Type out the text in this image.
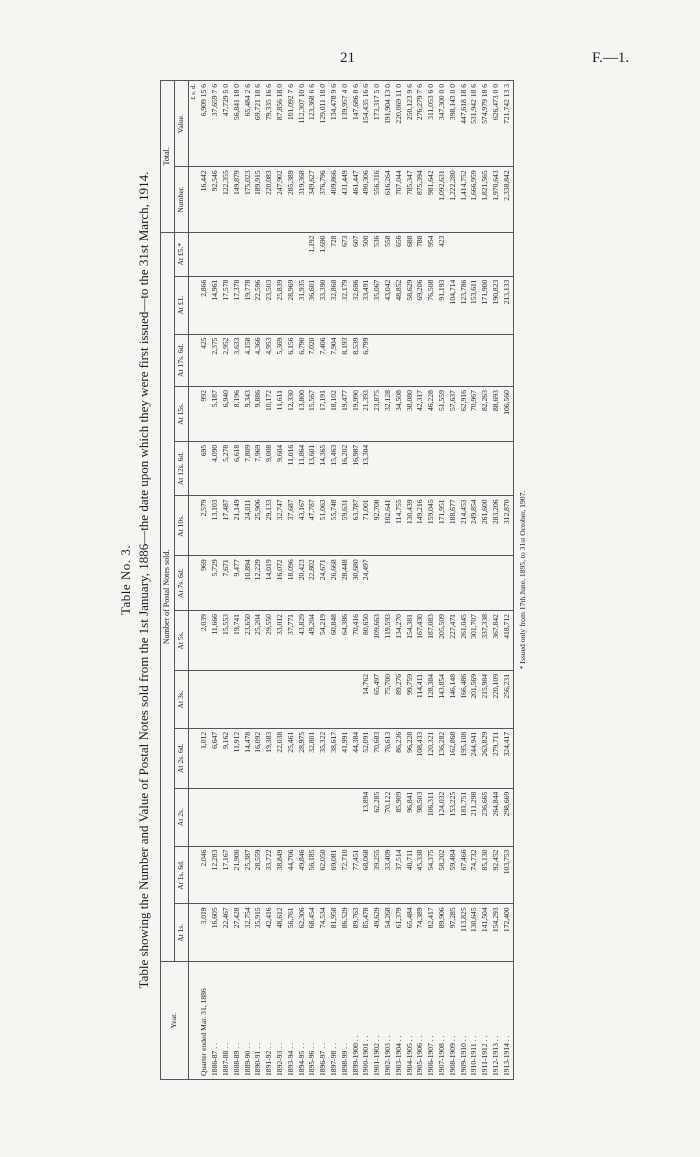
21	F.—1.
Table No. 3. Table showing the Number and Value of Postal Notes sold from the 1st January, 1886—the date upon which they were first issued—to the 31st March, 1914.
Year.	Number of Postal Notes sold.													Total.	
	At 1s.	At 1s. 6d.	At 2s.	At 2s. 6d.	At 3s.	At 5s.	At 7s. 6d.	At 10s.	At 12s. 6d.	At 15s.	At 17s. 6d.	At £1.	At £5.*	Number.	Value.
															£ s. d.
Quarter ended Mar. 31, 1886	3,019	2,046		1,012		2,039	969	2,579	695	992	425	2,866		16,442	6,909 15 6
1886-87 . .	16,605	12,283		6,647		11,666	5,729	13,103	4,090	5,187	2,375	14,961		92,546	37,659 7 6
1887-88 . .	22,467	17,167		9,162		15,553	7,671	17,487	5,278	6,940	2,952	17,578		122,355	47,729 5 0
1888-89 . .	27,428	21,900		11,912		19,741	9,477	21,149	6,618	8,196	3,633	17,378		149,879	56,841 18 0
1889-90 . .	32,754	25,387		14,478		23,650	10,894	24,011	7,809	9,343	4,158	19,778		175,023	65,484 2 6
1890-91 . .	35,915	28,559		16,092		25,204	12,229	25,906	7,969	9,886	4,366	22,596		189,915	69,721 18 6
1891-92 . .	42,416	33,722		19,383		29,550	14,019	29,133	9,008	10,172	4,953	23,503		220,083	79,335 16 6
1892-93 . .	48,612	38,849		22,038		33,012	16,072	32,747	9,604	11,611	5,369	25,839		247,902	87,856 18 0
1893-94 . .	56,761	44,706		25,461		37,771	18,096	37,687	11,016	12,330	6,156	28,969		285,389	101,092 7 6
1894-95 . .	62,306	49,846		28,975		43,829	20,423	43,167	11,864	13,800	6,790	31,935		319,368	112,307 10 0
1895-96 . .	68,454	56,185		32,801		49,204	22,802	47,787	13,601	15,567	7,020	36,601	1,192	349,627	123,368 6 6
1896-97 . .	74,534	62,050		35,322		54,219	24,671	51,063	14,365	17,191	7,406	33,390	1,690	376,796	129,011 18 0
1897-98 . .	81,958	69,081		38,617		60,848	26,668	55,748	15,463	18,102	7,904	32,868	728	409,866	134,478 9 6
1898-99 . .	86,529	72,710		41,991		64,386	28,448	59,631	16,202	19,477	8,193	32,179	673	431,449	139,957 4 0
1899-1900 . .	89,763	77,451		44,384		70,416	30,680	63,787	16,987	19,990	8,539	32,696	607	461,447	147,686 8 6
1900-1901 . .	85,478	68,068	13,894	52,091	14,762	80,650	24,497	71,001	13,304	21,393	6,799	33,491	500	490,306	154,435 16 6
1901-1902 . .	49,629	39,255	62,285	70,683	65,497	109,663		92,708		23,875		35,067	536	556,316	173,317 5 0
1902-1903 . .	54,268	33,409	70,122	76,613	75,700	119,593		102,641		32,128		43,042	558	616,264	191,904 13 0
1903-1904 . .	61,379	37,514	85,909	86,236	89,276	134,270		114,755		34,508		48,852	656	707,044	220,069 11 0
1904-1905 . .	65,484	40,711	96,841	96,228	99,759	154,381		130,439		38,080		58,629	688	785,347	250,123 9 6
1905-1906 . .	74,389	45,338	98,503	108,433	114,411	167,430		149,216		42,317		69,206	788	875,394	276,279 7 6
1906-1907 . .	82,417	54,375	106,311	120,321	128,384	187,083		159,045		46,228		76,508	954	981,642	311,053 6 0
1907-1908 . .	89,906	58,202	124,032	136,282	143,854	205,509		171,951		51,559		91,193	423	1,092,631	347,300 0 0
1908-1909 . .	97,285	59,484	153,225	162,868	146,148	227,471		188,677		57,637		104,714		1,222,280	398,143 0 0
1909-1910 . .	113,825	67,466	181,751	195,108	166,486	261,045		214,453		62,916		123,786		1,414,752	447,618 18 6
1910-1911 . .	130,645	74,732	211,298	244,941	201,569	301,707		249,854		70,967		153,611		1,666,959	531,942 18 6
1911-1912 . .	141,504	85,130	236,665	263,829	215,984	337,338		261,600		82,263		171,900		1,821,565	574,979 18 6
1912-1913 . .	154,293	92,452	264,844	279,711	220,109	367,842		283,206		88,693		190,823		1,970,643	626,473 0 0
1913-1914 . .	172,400	103,753	298,669	324,417	256,231	418,712		312,870		106,560		213,133		2,338,842	721,742 13 3
* Issued only from 17th June, 1895, to 31st October, 1907.
